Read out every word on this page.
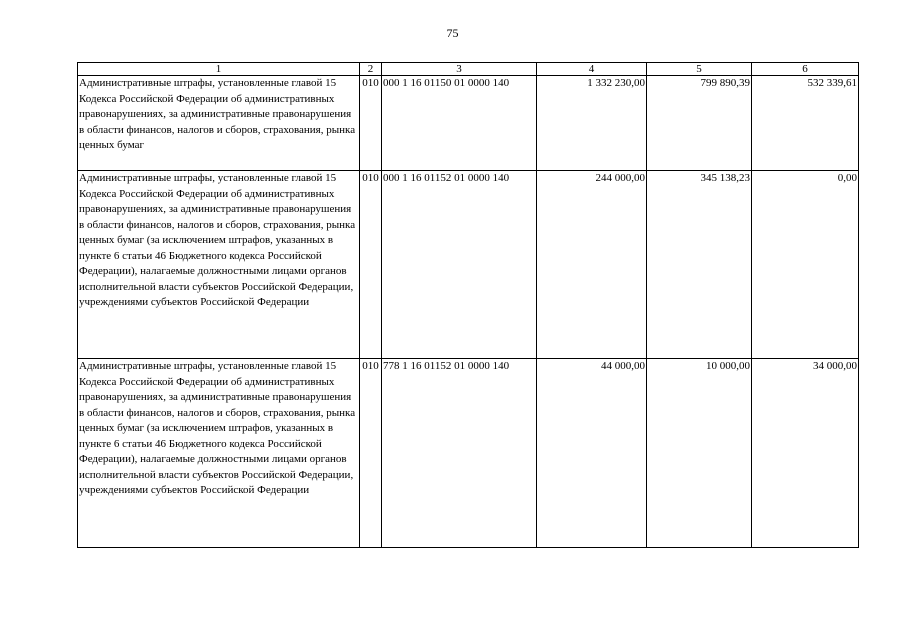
75
1	2	3	4	5	6
Административные штрафы, установленные главой 15 Кодекса Российской Федерации об административных правонарушениях, за административные правонарушения в области финансов, налогов и сборов, страхования, рынка ценных бумаг	010	000 1 16 01150 01 0000 140	1 332 230,00	799 890,39	532 339,61
Административные штрафы, установленные главой 15 Кодекса Российской Федерации об административных правонарушениях, за административные правонарушения в области финансов, налогов и сборов, страхования, рынка ценных бумаг (за исключением штрафов, указанных в пункте 6 статьи 46 Бюджетного кодекса Российской Федерации), налагаемые должностными лицами органов исполнительной власти субъектов Российской Федерации, учреждениями субъектов Российской Федерации	010	000 1 16 01152 01 0000 140	244 000,00	345 138,23	0,00
Административные штрафы, установленные главой 15 Кодекса Российской Федерации об административных правонарушениях, за административные правонарушения в области финансов, налогов и сборов, страхования, рынка ценных бумаг (за исключением штрафов, указанных в пункте 6 статьи 46 Бюджетного кодекса Российской Федерации), налагаемые должностными лицами органов исполнительной власти субъектов Российской Федерации, учреждениями субъектов Российской Федерации	010	778 1 16 01152 01 0000 140	44 000,00	10 000,00	34 000,00
